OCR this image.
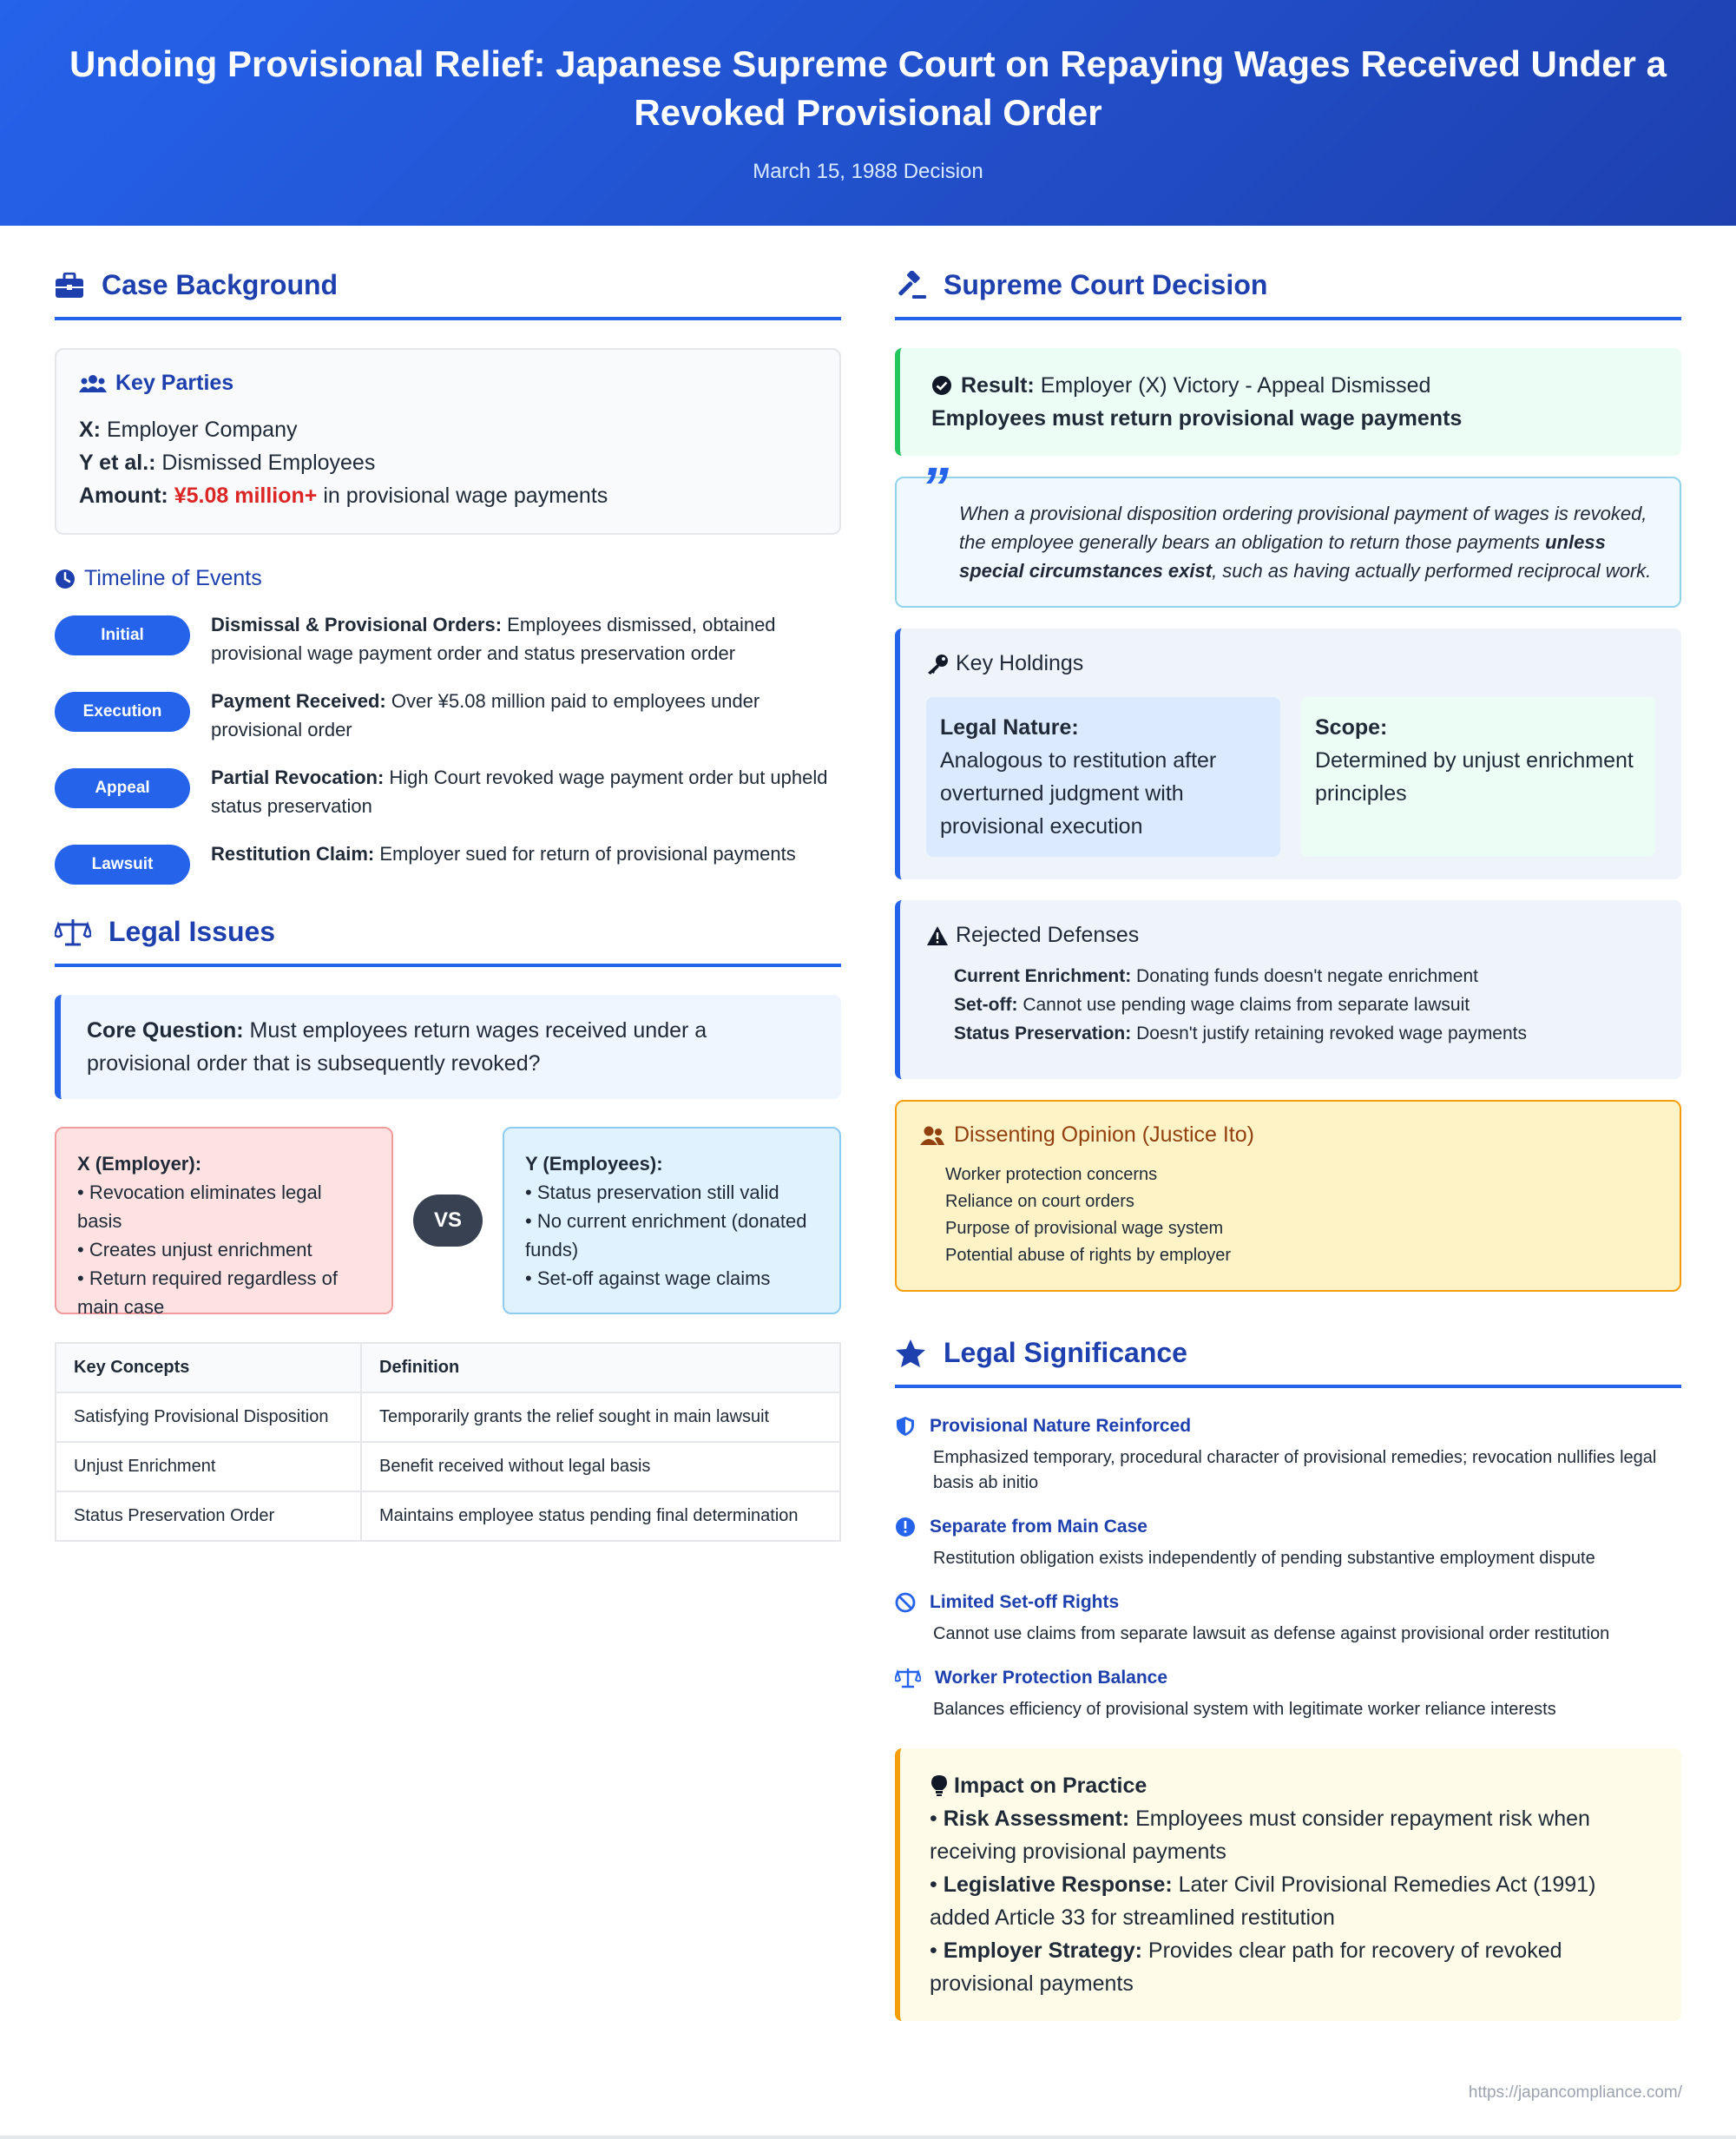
Undoing Provisional Relief: Japanese Supreme Court on Repaying Wages Received Under a Revoked Provisional Order
March 15, 1988 Decision
Case Background
Key Parties
X: Employer Company
Y et al.: Dismissed Employees
Amount: ¥5.08 million+ in provisional wage payments
Timeline of Events
Initial	Dismissal & Provisional Orders: Employees dismissed, obtained provisional wage payment order and status preservation order
Execution	Payment Received: Over ¥5.08 million paid to employees under provisional order
Appeal	Partial Revocation: High Court revoked wage payment order but upheld status preservation
Lawsuit	Restitution Claim: Employer sued for return of provisional payments
Legal Issues
Core Question: Must employees return wages received under a provisional order that is subsequently revoked?
X (Employer):
• Revocation eliminates legal basis
• Creates unjust enrichment
• Return required regardless of main case
VS
Y (Employees):
• Status preservation still valid
• No current enrichment (donated funds)
• Set-off against wage claims
Key Concepts	Definition
Satisfying Provisional Disposition	Temporarily grants the relief sought in main lawsuit
Unjust Enrichment	Benefit received without legal basis
Status Preservation Order	Maintains employee status pending final determination
Supreme Court Decision
Result: Employer (X) Victory - Appeal Dismissed
Employees must return provisional wage payments
” When a provisional disposition ordering provisional payment of wages is revoked, the employee generally bears an obligation to return those payments unless special circumstances exist, such as having actually performed reciprocal work.
Key Holdings
Legal Nature:
Analogous to restitution after overturned judgment with provisional execution
Scope:
Determined by unjust enrichment principles
Rejected Defenses
Current Enrichment: Donating funds doesn't negate enrichment
Set-off: Cannot use pending wage claims from separate lawsuit
Status Preservation: Doesn't justify retaining revoked wage payments
Dissenting Opinion (Justice Ito)
Worker protection concerns
Reliance on court orders
Purpose of provisional wage system
Potential abuse of rights by employer
Legal Significance
Provisional Nature Reinforced
Emphasized temporary, procedural character of provisional remedies; revocation nullifies legal basis ab initio
Separate from Main Case
Restitution obligation exists independently of pending substantive employment dispute
Limited Set-off Rights
Cannot use claims from separate lawsuit as defense against provisional order restitution
Worker Protection Balance
Balances efficiency of provisional system with legitimate worker reliance interests
Impact on Practice
• Risk Assessment: Employees must consider repayment risk when receiving provisional payments
• Legislative Response: Later Civil Provisional Remedies Act (1991) added Article 33 for streamlined restitution
• Employer Strategy: Provides clear path for recovery of revoked provisional payments
https://japancompliance.com/
